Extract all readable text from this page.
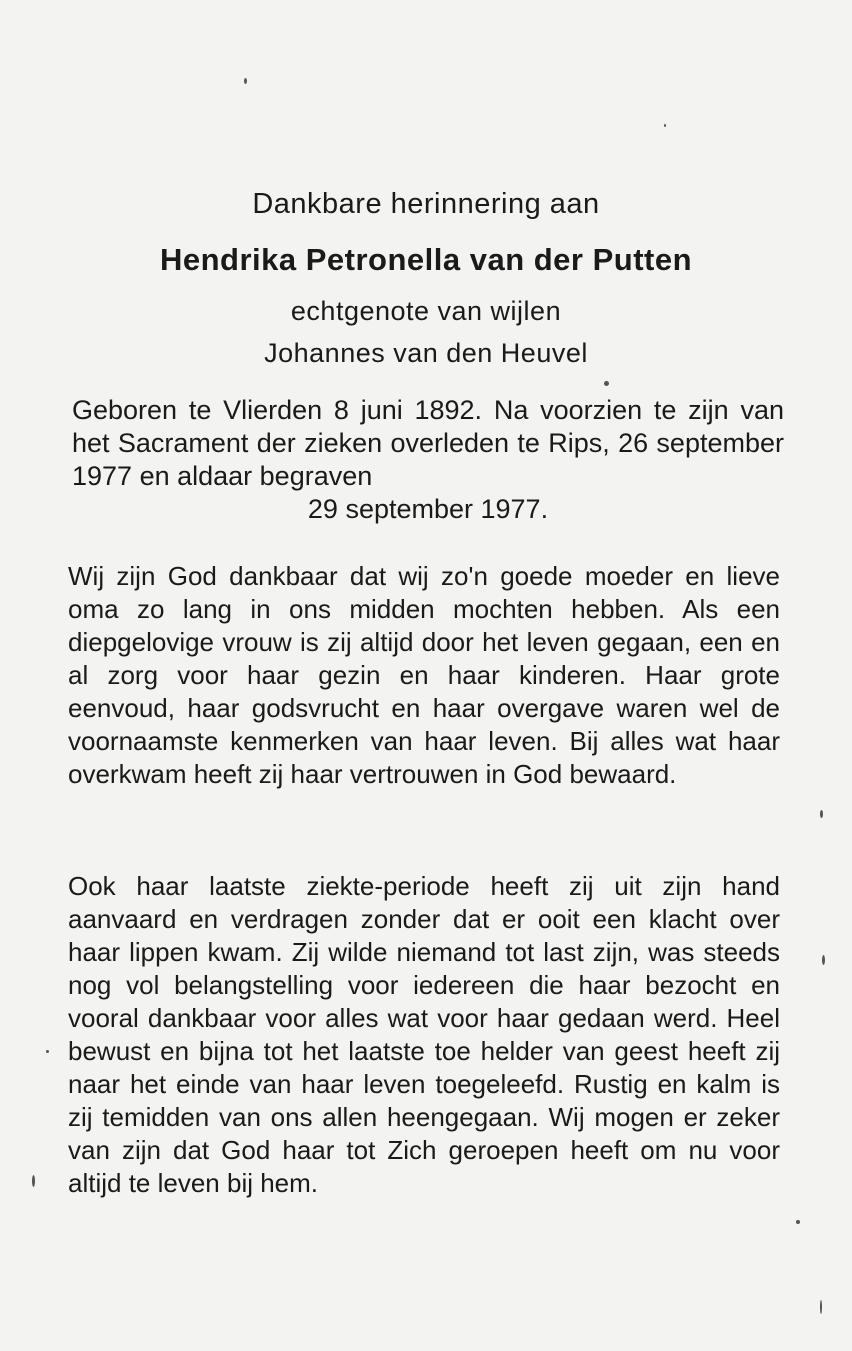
Dankbare herinnering aan
Hendrika Petronella van der Putten
echtgenote van wijlen
Johannes van den Heuvel
Geboren te Vlierden 8 juni 1892. Na voorzien te zijn van het Sacrament der zieken overleden te Rips, 26 september 1977 en aldaar begraven
29 september 1977.
Wij zijn God dankbaar dat wij zo'n goede moeder en lieve oma zo lang in ons midden mochten hebben. Als een diepgelovige vrouw is zij altijd door het leven gegaan, een en al zorg voor haar gezin en haar kinderen. Haar grote eenvoud, haar godsvrucht en haar overgave waren wel de voornaamste kenmerken van haar leven. Bij alles wat haar overkwam heeft zij haar vertrouwen in God bewaard.
Ook haar laatste ziekte-periode heeft zij uit zijn hand aanvaard en verdragen zonder dat er ooit een klacht over haar lippen kwam. Zij wilde niemand tot last zijn, was steeds nog vol belangstelling voor iedereen die haar bezocht en vooral dankbaar voor alles wat voor haar gedaan werd. Heel bewust en bijna tot het laatste toe helder van geest heeft zij naar het einde van haar leven toegeleefd. Rustig en kalm is zij temidden van ons allen heengegaan. Wij mogen er zeker van zijn dat God haar tot Zich geroepen heeft om nu voor altijd te leven bij hem.
